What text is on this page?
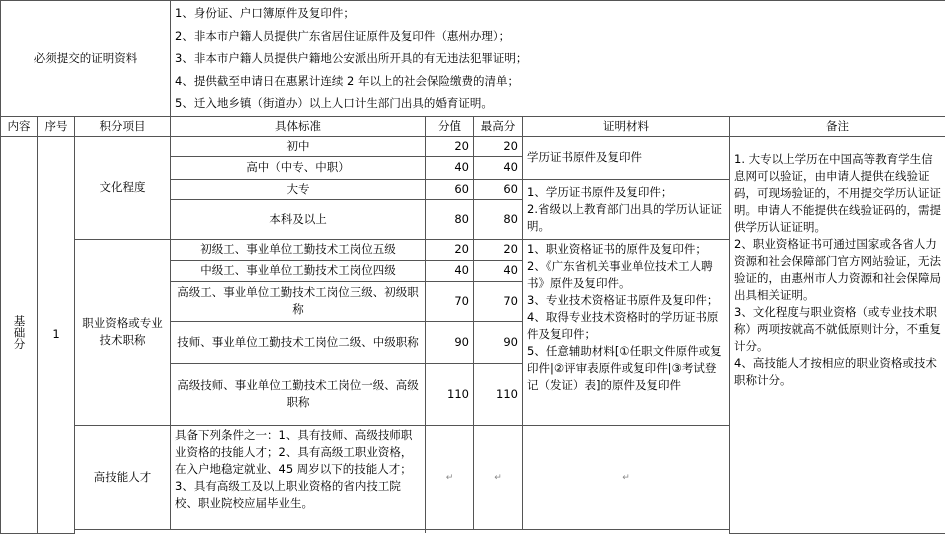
必须提交的证明资料			1、身份证、户口簿原件及复印件；
2、非本市户籍人员提供广东省居住证原件及复印件（惠州办理）；
3、非本市户籍人员提供户籍地公安派出所开具的有无违法犯罪证明；
4、提供截至申请日在惠累计连续 2 年以上的社会保险缴费的清单；
5、迁入地乡镇（街道办）以上人口计生部门出具的婚育证明。				

内容	序号	积分项目	具体标准	分值	最高分	证明材料	备注
基础分	1	文化程度	初中	20	20	学历证书原件及复印件	1. 大专以上学历在中国高等教育学生信息网可以验证，由申请人提供在线验证码，可现场验证的，不用提交学历认证证明。申请人不能提供在线验证码的，需提供学历认证证明。
2、职业资格证书可通过国家或各省人力资源和社会保障部门官方网站验证，无法验证的，由惠州市人力资源和社会保障局出具相关证明。
3、文化程度与职业资格（或专业技术职称）两项按就高不就低原则计分，不重复计分。
4、高技能人才按相应的职业资格或技术职称计分。

			高中（中专、中职）	40	40		
			大专	60	60	1、学历证书原件及复印件；
2.省级以上教育部门出具的学历认证证明。	

			本科及以上	80	80		
		职业资格或专业技术职称	初级工、事业单位工勤技术工岗位五级	20	20	1、职业资格证书的原件及复印件；
2、《广东省机关事业单位技术工人聘书》原件及复印件。
3、专业技术资格证书原件及复印件；
4、取得专业技术资格时的学历证书原件及复印件；
5、任意辅助材料[①任职文件原件或复印件|②评审表原件或复印件|③考试登记（发证）表]的原件及复印件	

			中级工、事业单位工勤技术工岗位四级	40	40		
			高级工、事业单位工勤技术工岗位三级、初级职称	70	70		
			技师、事业单位工勤技术工岗位二级、中级职称	90	90		
			高级技师、事业单位工勤技术工岗位一级、高级职称	110	110		
		高技能人才	具备下列条件之一：1、具有技师、高级技师职业资格的技能人才；2、具有高级工职业资格，在入户地稳定就业、45 周岁以下的技能人才；3、具有高级工及以上职业资格的省内技工院校、职业院校应届毕业生。	↵	↵	↵	
